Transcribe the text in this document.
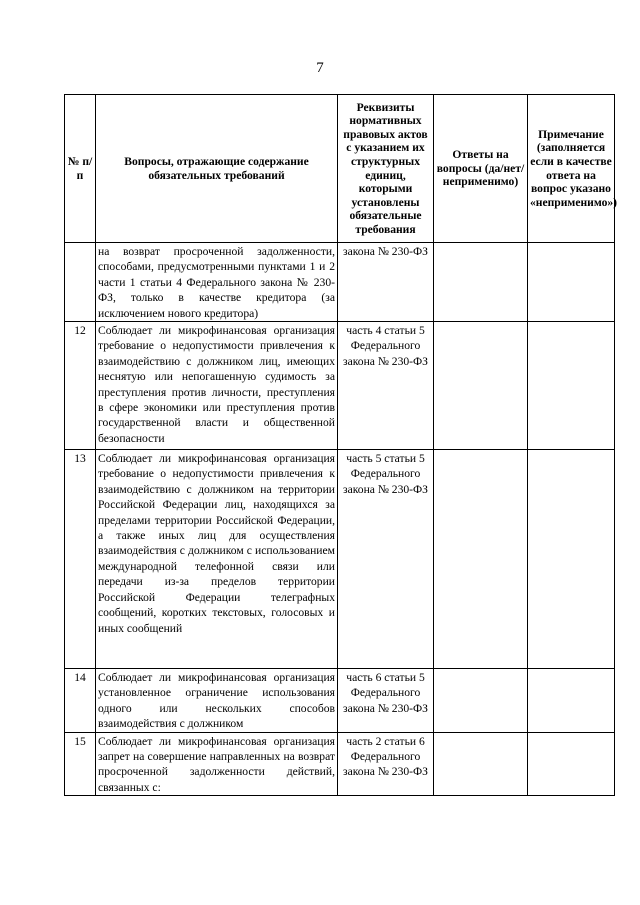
7
№ п/п	Вопросы, отражающие содержание обязательных требований	Реквизиты нормативных правовых актов с указанием их структурных единиц, которыми установлены обязательные требования	Ответы на вопросы (да/нет/ неприменимо)	Примечание (заполняется если в качестве ответа на вопрос указано «неприменимо»)
	на возврат просроченной задолженности, способами, предусмотренными пунктами 1 и 2 части 1 статьи 4 Федерального закона № 230-ФЗ, только в качестве кредитора (за исключением нового кредитора)	закона № 230-ФЗ		
12	Соблюдает ли микрофинансовая организация требование о недопустимости привлечения к взаимодействию с должником лиц, имеющих неснятую или непогашенную судимость за преступления против личности, преступления в сфере экономики или преступления против государственной власти и общественной безопасности	часть 4 статьи 5 Федерального закона № 230-ФЗ		
13	Соблюдает ли микрофинансовая организация требование о недопустимости привлечения к взаимодействию с должником на территории Российской Федерации лиц, находящихся за пределами территории Российской Федерации, а также иных лиц для осуществления взаимодействия с должником с использованием международной телефонной связи или передачи из-за пределов территории Российской Федерации телеграфных сообщений, коротких текстовых, голосовых и иных сообщений	часть 5 статьи 5 Федерального закона № 230-ФЗ		
14	Соблюдает ли микрофинансовая организация установленное ограничение использования одного или нескольких способов взаимодействия с должником	часть 6 статьи 5 Федерального закона № 230-ФЗ		
15	Соблюдает ли микрофинансовая организация запрет на совершение направленных на возврат просроченной задолженности действий, связанных с:	часть 2 статьи 6 Федерального закона № 230-ФЗ		
